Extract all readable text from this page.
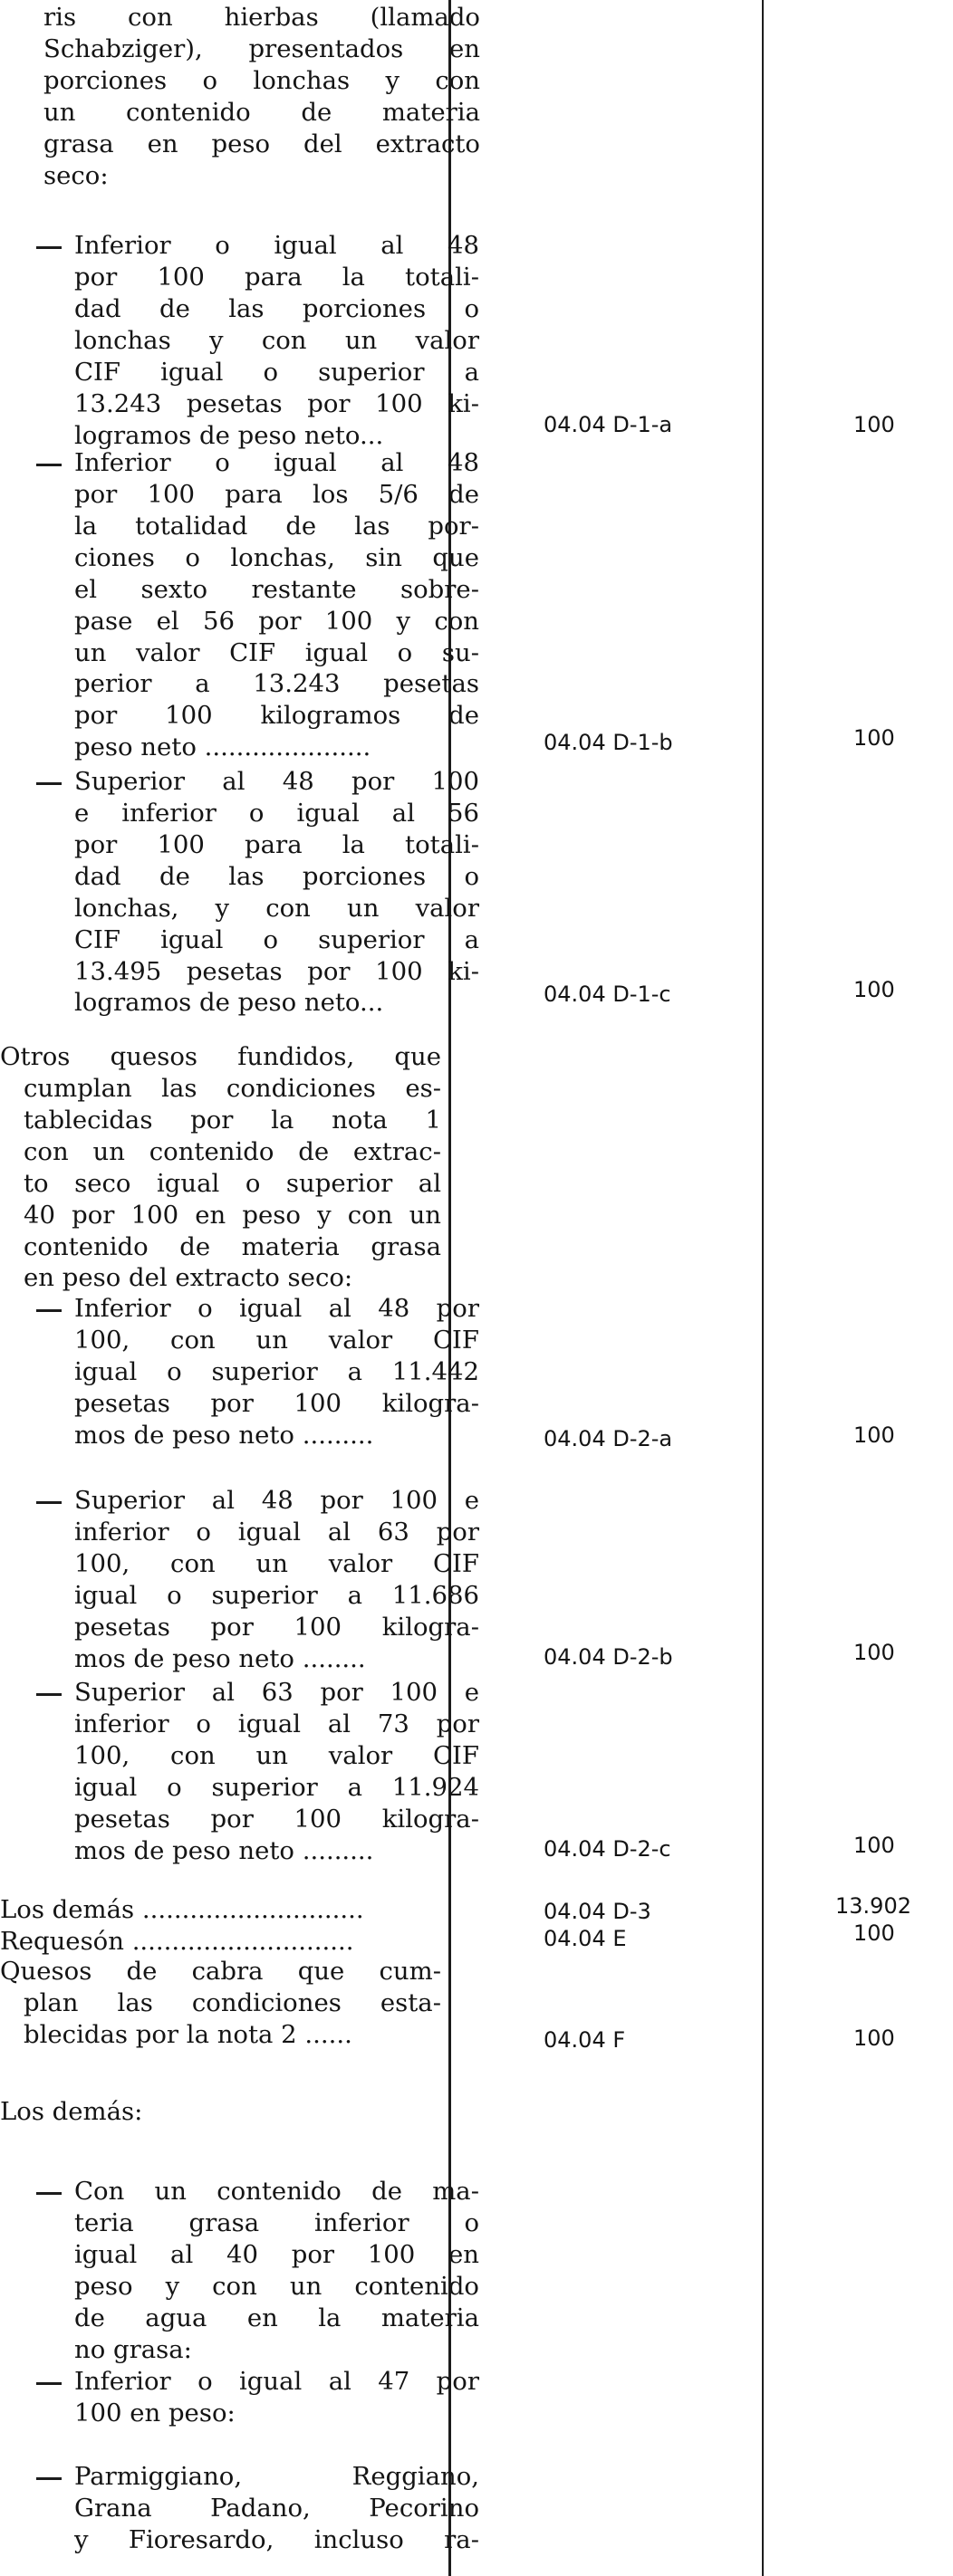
ris con hierbas (llamado
Schabziger), presentados en
porciones o lonchas y con
un contenido de materia
grasa en peso del extracto
seco:
Inferior o igual al 48
por 100 para la totali-
dad de las porciones o
lonchas y con un valor
CIF igual o superior a
13.243 pesetas por 100 ki-
logramos de peso neto...	04.04 D-1-a	100
Inferior o igual al 48
por 100 para los 5/6 de
la totalidad de las por-
ciones o lonchas, sin que
el sexto restante sobre-
pase el 56 por 100 y con
un valor CIF igual o su-
perior a 13.243 pesetas
por 100 kilogramos de
peso neto .....................	04.04 D-1-b	100
Superior al 48 por 100
e inferior o igual al 56
por 100 para la totali-
dad de las porciones o
lonchas, y con un valor
CIF igual o superior a
13.495 pesetas por 100 ki-
logramos de peso neto...	04.04 D-1-c	100
Otros quesos fundidos, que
cumplan las condiciones es-
tablecidas por la nota 1
con un contenido de extrac-
to seco igual o superior al
40 por 100 en peso y con un
contenido de materia grasa
en peso del extracto seco:
Inferior o igual al 48 por
100, con un valor CIF
igual o superior a 11.442
pesetas por 100 kilogra-
mos de peso neto .........	04.04 D-2-a	100
Superior al 48 por 100 e
inferior o igual al 63 por
100, con un valor CIF
igual o superior a 11.686
pesetas por 100 kilogra-
mos de peso neto ........	04.04 D-2-b	100
Superior al 63 por 100 e
inferior o igual al 73 por
100, con un valor CIF
igual o superior a 11.924
pesetas por 100 kilogra-
mos de peso neto .........	04.04 D-2-c	100
Los demás ............................	04.04 D-3	13.902
Requesón ............................	04.04 E	100
Quesos de cabra que cum-
plan las condiciones esta-
blecidas por la nota 2 ......	04.04 F	100
Los demás:
Con un contenido de ma-
teria grasa inferior o
igual al 40 por 100 en
peso y con un contenido
de agua en la materia
no grasa:
Inferior o igual al 47 por
100 en peso:
Parmiggiano, Reggiano,
Grana Padano, Pecorino
y Fioresardo, incluso ra-
